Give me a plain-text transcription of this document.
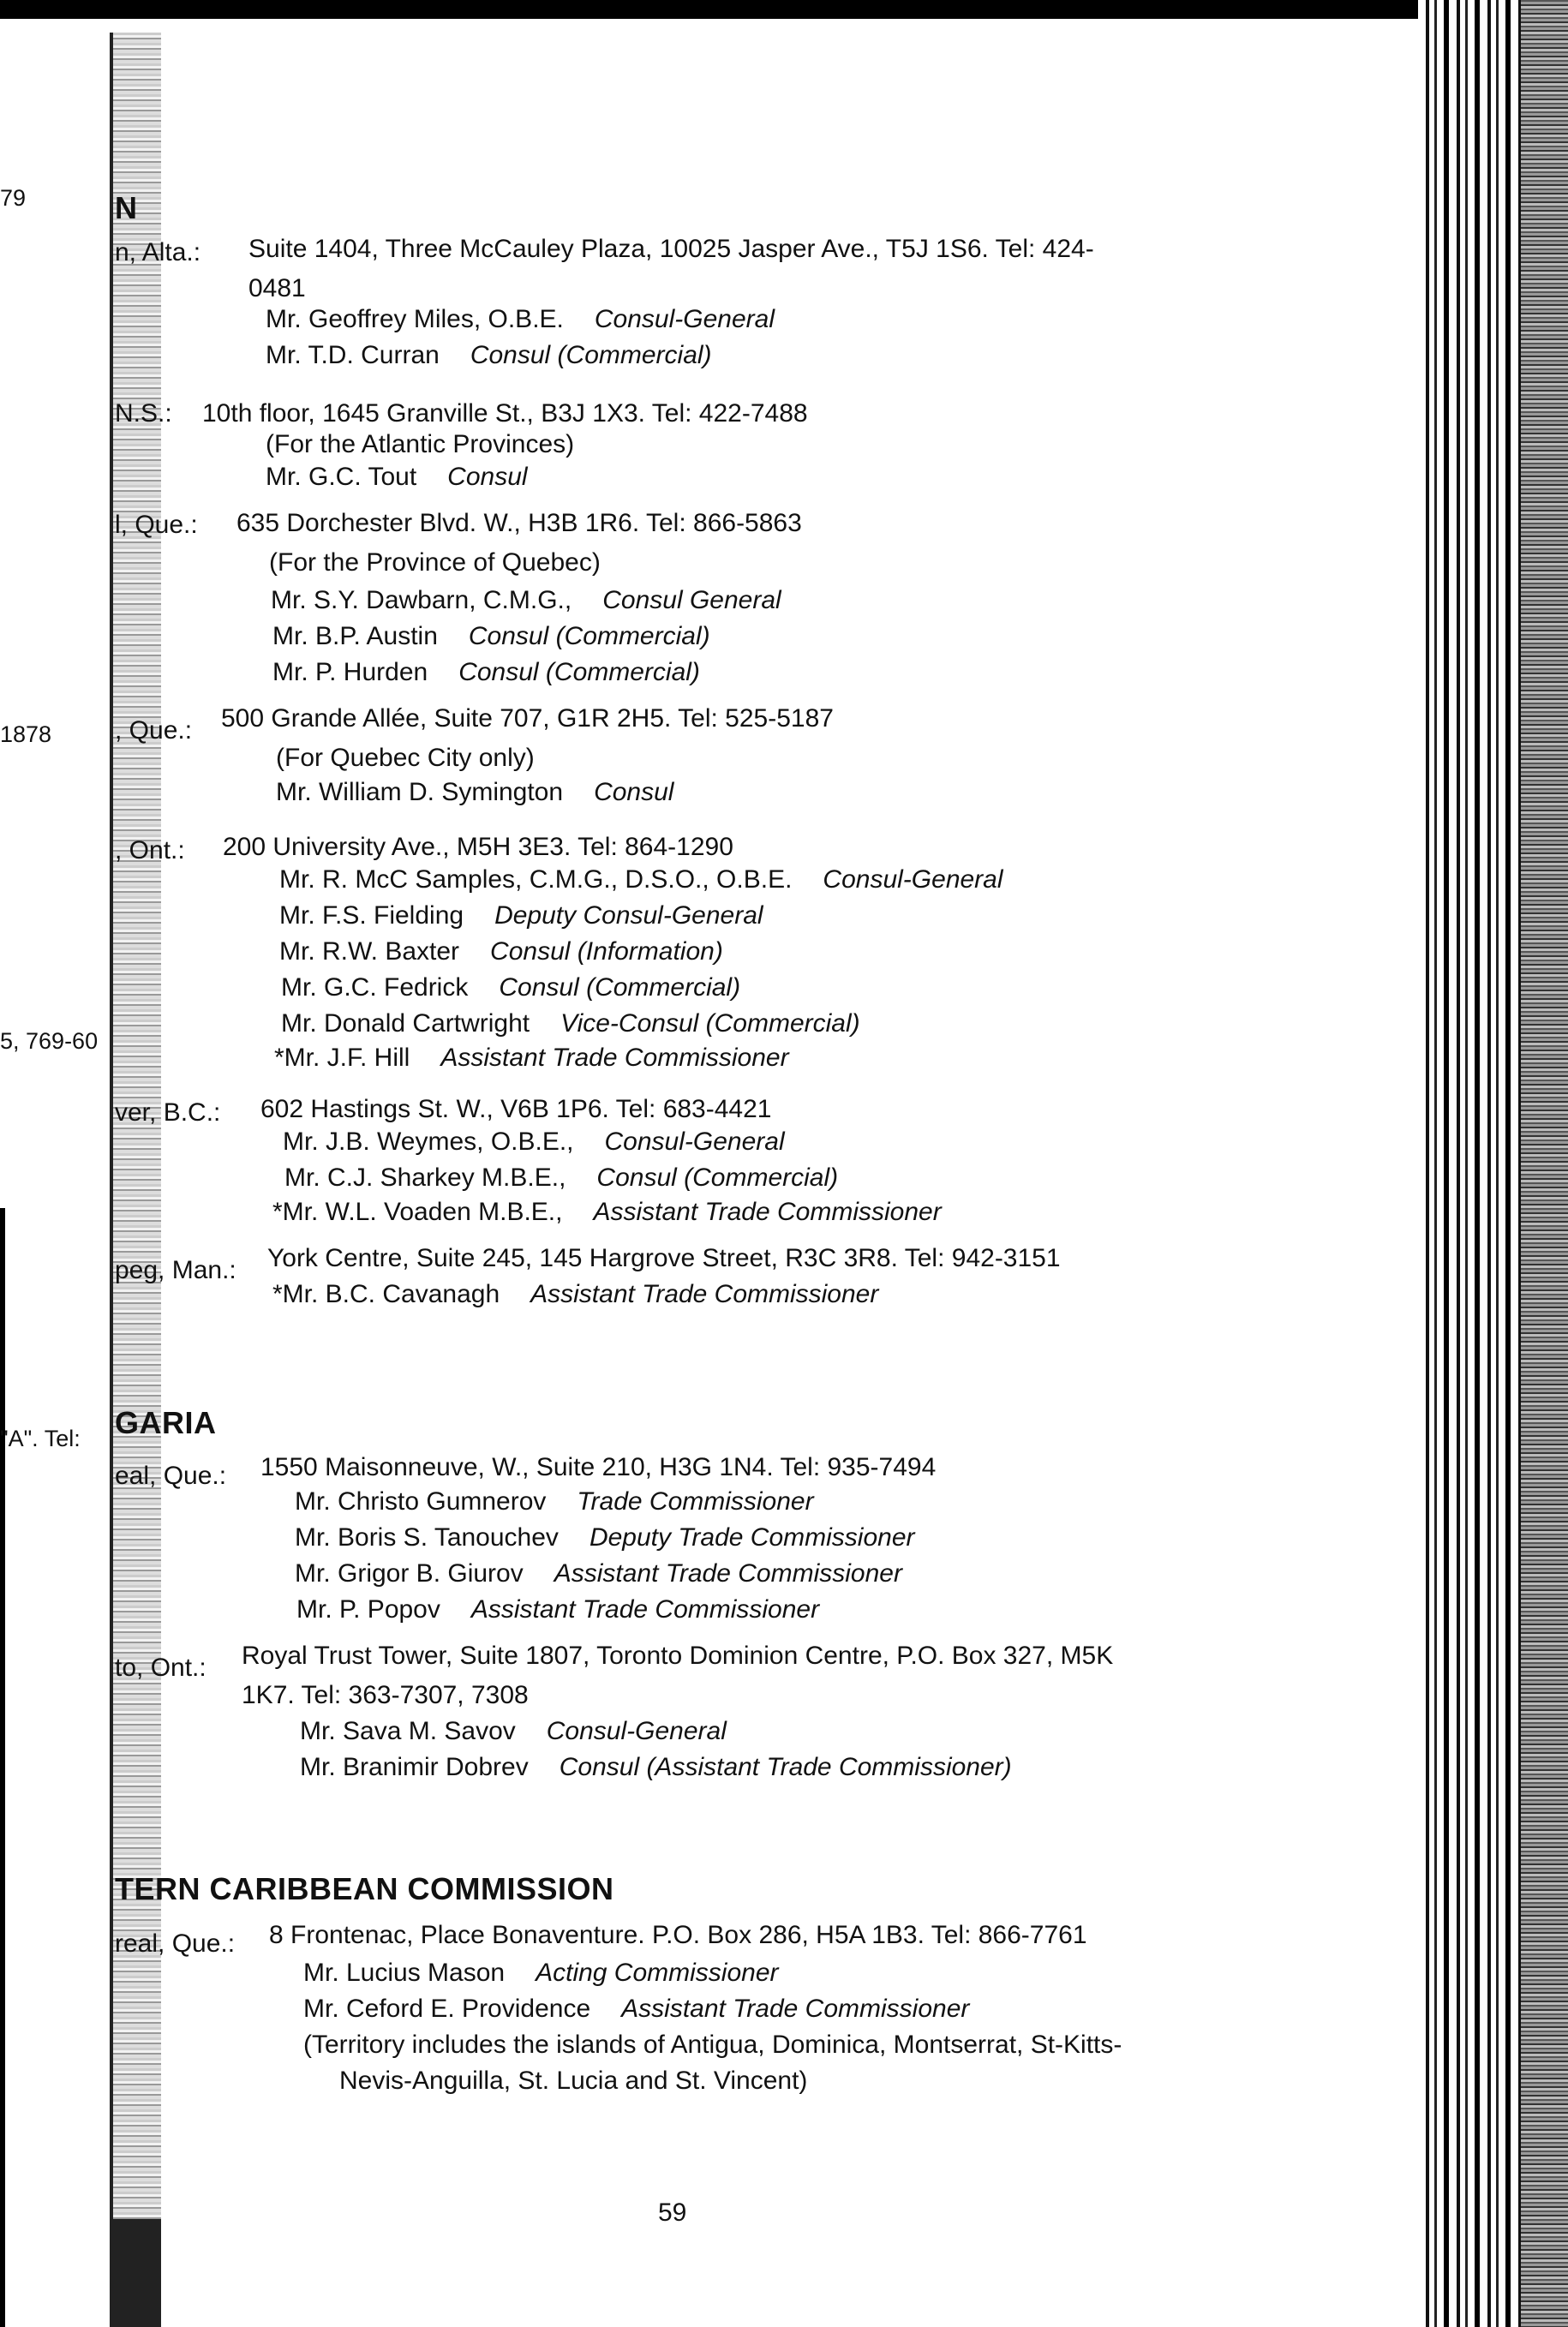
79
1878
5, 769-60
"A". Tel:
N
n, Alta.: Suite 1404, Three McCauley Plaza, 10025 Jasper Ave., T5J 1S6. Tel: 424-
0481
Mr. Geoffrey Miles, O.B.E. Consul-General
Mr. T.D. Curran Consul (Commercial)
N.S.: 10th floor, 1645 Granville St., B3J 1X3. Tel: 422-7488
(For the Atlantic Provinces)
Mr. G.C. Tout Consul
l, Que.: 635 Dorchester Blvd. W., H3B 1R6. Tel: 866-5863
(For the Province of Quebec)
Mr. S.Y. Dawbarn, C.M.G., Consul General
Mr. B.P. Austin Consul (Commercial)
Mr. P. Hurden Consul (Commercial)
, Que.: 500 Grande Allée, Suite 707, G1R 2H5. Tel: 525-5187
(For Quebec City only)
Mr. William D. Symington Consul
, Ont.: 200 University Ave., M5H 3E3. Tel: 864-1290
Mr. R. McC Samples, C.M.G., D.S.O., O.B.E. Consul-General
Mr. F.S. Fielding Deputy Consul-General
Mr. R.W. Baxter Consul (Information)
Mr. G.C. Fedrick Consul (Commercial)
Mr. Donald Cartwright Vice-Consul (Commercial)
*Mr. J.F. Hill Assistant Trade Commissioner
ver, B.C.: 602 Hastings St. W., V6B 1P6. Tel: 683-4421
Mr. J.B. Weymes, O.B.E., Consul-General
Mr. C.J. Sharkey M.B.E., Consul (Commercial)
*Mr. W.L. Voaden M.B.E., Assistant Trade Commissioner
peg, Man.: York Centre, Suite 245, 145 Hargrove Street, R3C 3R8. Tel: 942-3151
*Mr. B.C. Cavanagh Assistant Trade Commissioner
GARIA
eal, Que.: 1550 Maisonneuve, W., Suite 210, H3G 1N4. Tel: 935-7494
Mr. Christo Gumnerov Trade Commissioner
Mr. Boris S. Tanouchev Deputy Trade Commissioner
Mr. Grigor B. Giurov Assistant Trade Commissioner
Mr. P. Popov Assistant Trade Commissioner
to, Ont.: Royal Trust Tower, Suite 1807, Toronto Dominion Centre, P.O. Box 327, M5K
1K7. Tel: 363-7307, 7308
Mr. Sava M. Savov Consul-General
Mr. Branimir Dobrev Consul (Assistant Trade Commissioner)
TERN CARIBBEAN COMMISSION
real, Que.: 8 Frontenac, Place Bonaventure. P.O. Box 286, H5A 1B3. Tel: 866-7761
Mr. Lucius Mason Acting Commissioner
Mr. Ceford E. Providence Assistant Trade Commissioner
(Territory includes the islands of Antigua, Dominica, Montserrat, St-Kitts-
Nevis-Anguilla, St. Lucia and St. Vincent)
59
